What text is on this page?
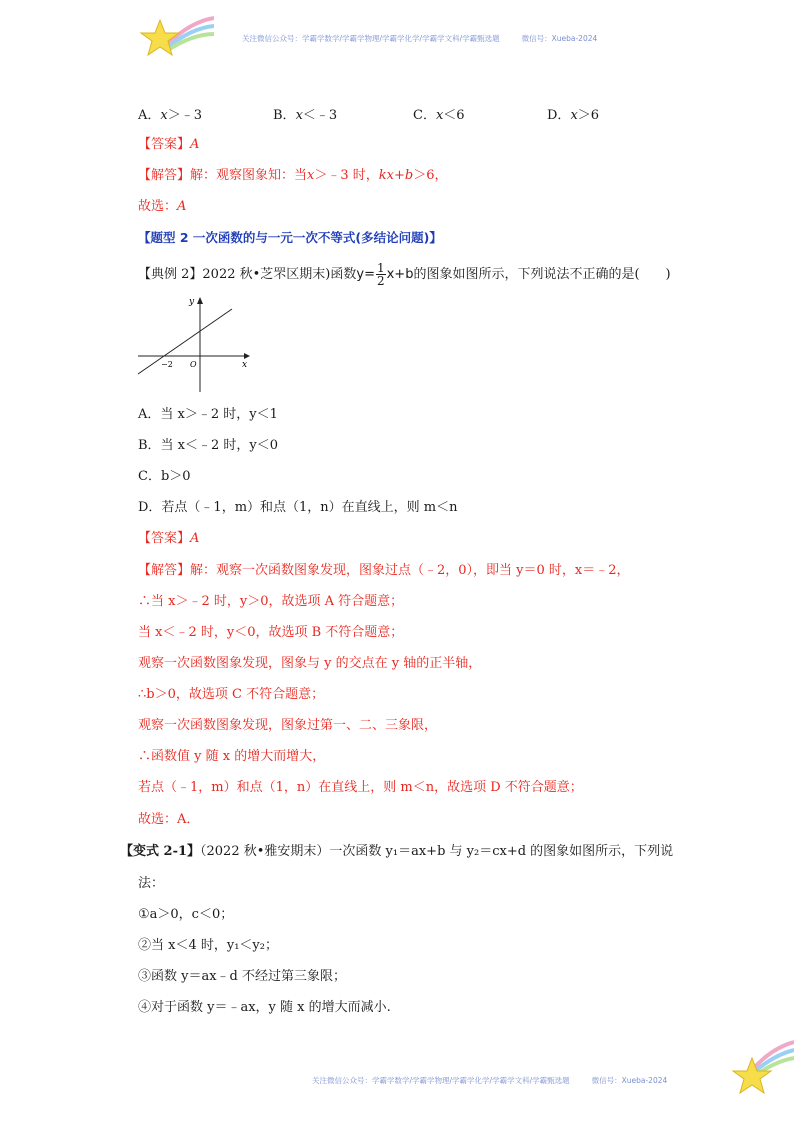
关注微信公众号：学霸学数学/学霸学物理/学霸学化学/学霸学文科/学霸甄选题	微信号：Xueba-2024
A．x＞﹣3	B．x＜﹣3	C．x＜6	D．x＞6
【答案】A
【解答】解：观察图象知：当x＞﹣3 时，kx+b＞6，
故选：A
【题型 2 一次函数的与一元一次不等式(多结论问题)】
【典例 2】2022 秋•芝罘区期末)函数$y= \frac{1}{2} x+b$的图象如图所示，下列说法不正确的是(　　)
y
x
O
−2
A．当 x＞﹣2 时，y＜1
B．当 x＜﹣2 时，y＜0
C．b＞0
D．若点（﹣1，m）和点（1，n）在直线上，则 m＜n
【答案】A
【解答】解：观察一次函数图象发现，图象过点（﹣2，0），即当 y＝0 时，x＝﹣2，
∴当 x＞﹣2 时，y＞0，故选项 A 符合题意；
当 x＜﹣2 时，y＜0，故选项 B 不符合题意；
观察一次函数图象发现，图象与 y 的交点在 y 轴的正半轴，
∴b＞0，故选项 C 不符合题意；
观察一次函数图象发现，图象过第一、二、三象限，
∴函数值 y 随 x 的增大而增大，
若点（﹣1，m）和点（1，n）在直线上，则 m＜n，故选项 D 不符合题意；
故选：A．
【变式 2-1】（2022 秋•雅安期末）一次函数 y₁＝ax+b 与 y₂＝cx+d 的图象如图所示，下列说
法：
①a＞0，c＜0；
②当 x＜4 时，y₁＜y₂；
③函数 y＝ax﹣d 不经过第三象限；
④对于函数 y＝﹣ax，y 随 x 的增大而减小.
关注微信公众号：学霸学数学/学霸学物理/学霸学化学/学霸学文科/学霸甄选题	微信号：Xueba-2024
